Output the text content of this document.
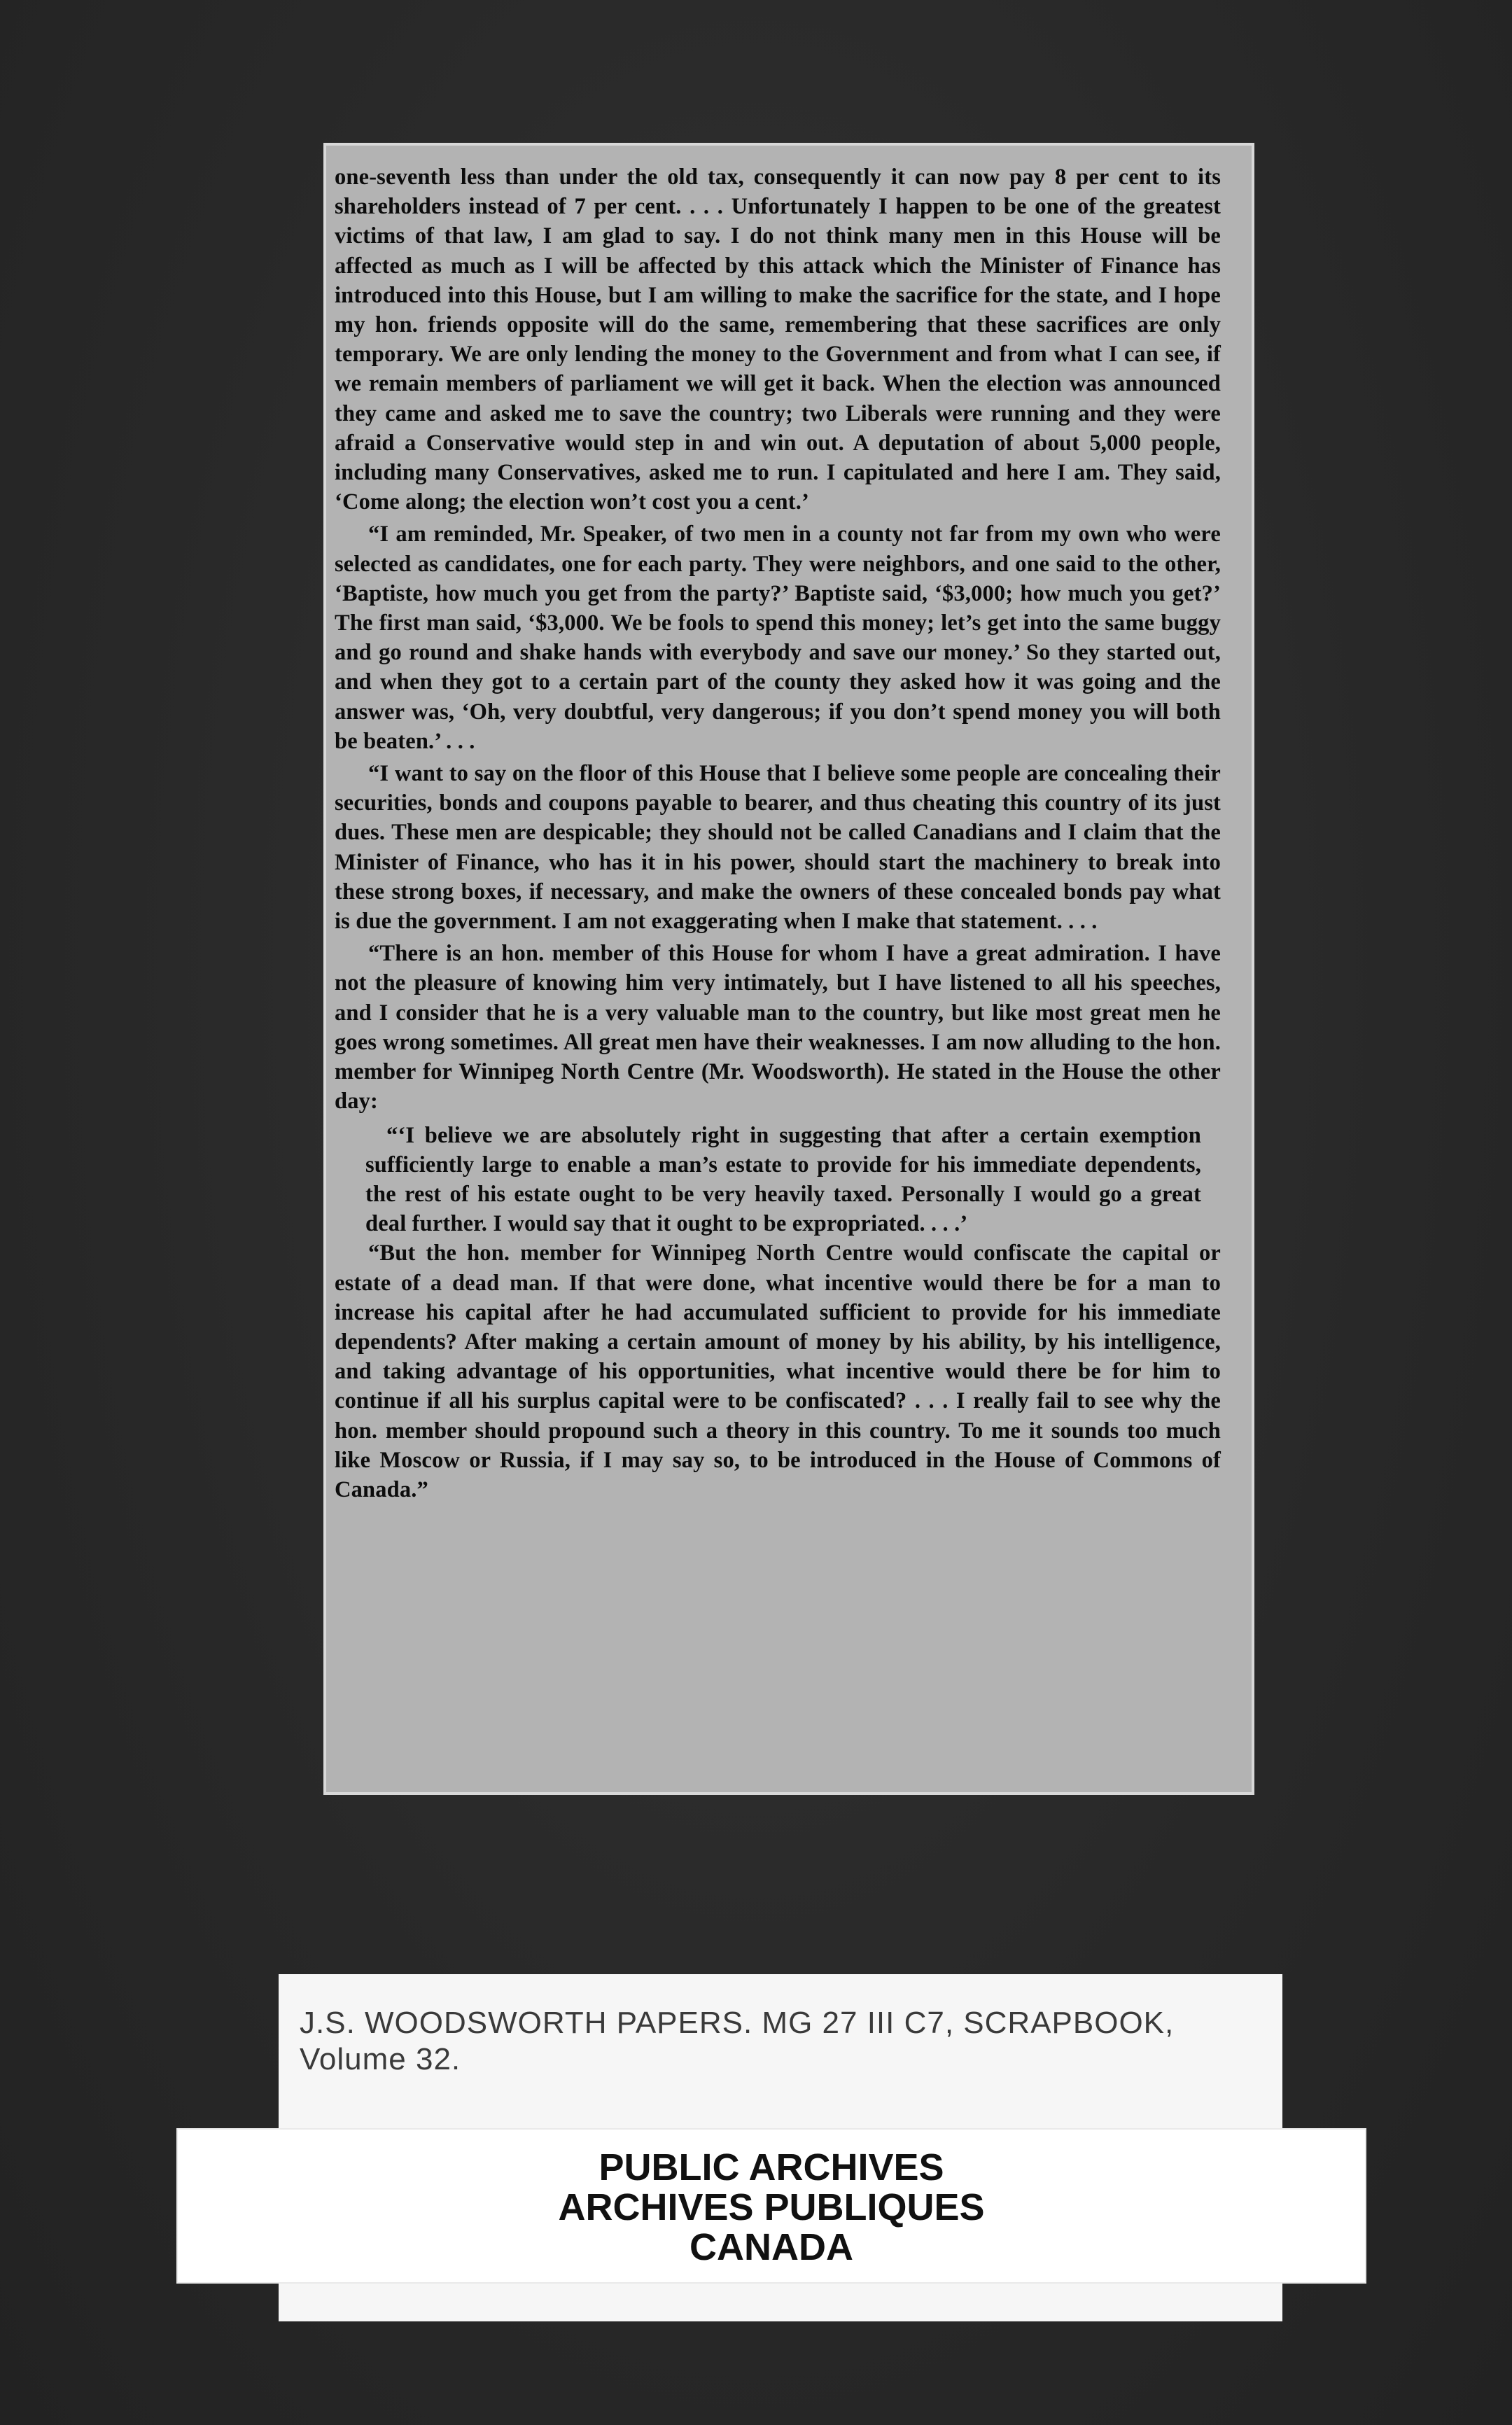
one-seventh less than under the old tax, consequently it can now pay 8 per cent to its shareholders instead of 7 per cent. . . . Unfortunately I happen to be one of the greatest victims of that law, I am glad to say. I do not think many men in this House will be affected as much as I will be affected by this attack which the Minister of Finance has introduced into this House, but I am willing to make the sacrifice for the state, and I hope my hon. friends opposite will do the same, remembering that these sacrifices are only temporary. We are only lending the money to the Government and from what I can see, if we remain members of parliament we will get it back. When the election was announced they came and asked me to save the country; two Liberals were running and they were afraid a Conservative would step in and win out. A deputation of about 5,000 people, including many Conservatives, asked me to run. I capitulated and here I am. They said, ‘Come along; the election won’t cost you a cent.’

“I am reminded, Mr. Speaker, of two men in a county not far from my own who were selected as candidates, one for each party. They were neighbors, and one said to the other, ‘Baptiste, how much you get from the party?’ Baptiste said, ‘$3,000; how much you get?’ The first man said, ‘$3,000. We be fools to spend this money; let’s get into the same buggy and go round and shake hands with everybody and save our money.’ So they started out, and when they got to a certain part of the county they asked how it was going and the answer was, ‘Oh, very doubtful, very dangerous; if you don’t spend money you will both be beaten.’ . . .

“I want to say on the floor of this House that I believe some people are concealing their securities, bonds and coupons payable to bearer, and thus cheating this country of its just dues. These men are despicable; they should not be called Canadians and I claim that the Minister of Finance, who has it in his power, should start the machinery to break into these strong boxes, if necessary, and make the owners of these concealed bonds pay what is due the government. I am not exaggerating when I make that statement. . . .

“There is an hon. member of this House for whom I have a great admiration. I have not the pleasure of knowing him very intimately, but I have listened to all his speeches, and I consider that he is a very valuable man to the country, but like most great men he goes wrong sometimes. All great men have their weaknesses. I am now alluding to the hon. member for Winnipeg North Centre (Mr. Woodsworth). He stated in the House the other day:

“‘I believe we are absolutely right in suggesting that after a certain exemption sufficiently large to enable a man’s estate to provide for his immediate dependents, the rest of his estate ought to be very heavily taxed. Personally I would go a great deal further. I would say that it ought to be expropriated. . . .’

“But the hon. member for Winnipeg North Centre would confiscate the capital or estate of a dead man. If that were done, what incentive would there be for a man to increase his capital after he had accumulated sufficient to provide for his immediate dependents? After making a certain amount of money by his ability, by his intelligence, and taking advantage of his opportunities, what incentive would there be for him to continue if all his surplus capital were to be confiscated? . . . I really fail to see why the hon. member should propound such a theory in this country. To me it sounds too much like Moscow or Russia, if I may say so, to be introduced in the House of Commons of Canada.”

J.S. WOODSWORTH PAPERS. MG 27 III C7, SCRAPBOOK,
Volume 32.
PUBLIC ARCHIVES
ARCHIVES PUBLIQUES
CANADA
